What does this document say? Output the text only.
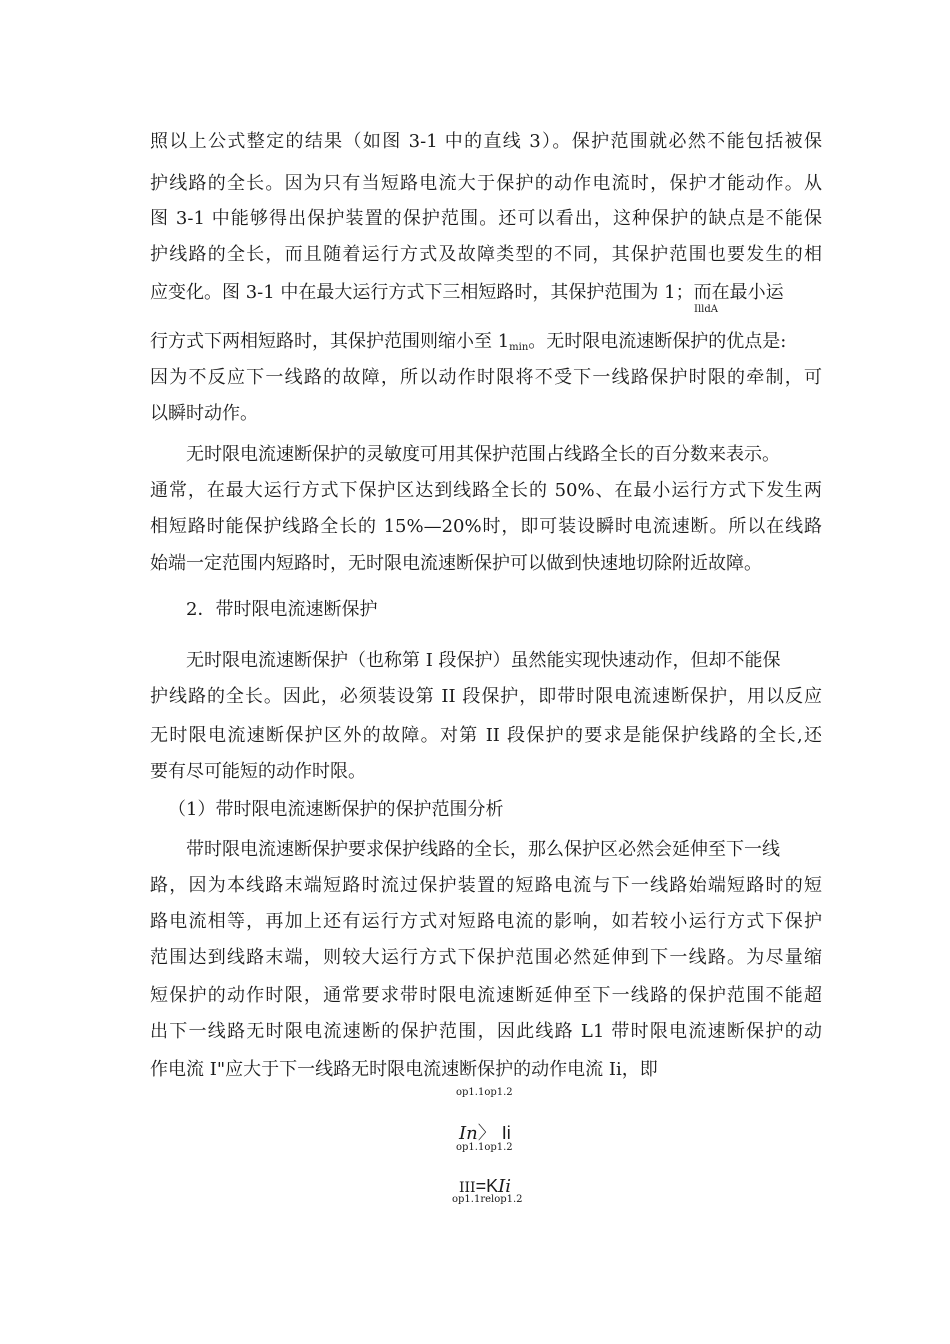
照以上公式整定的结果（如图 3-1 中的直线 3）。保护范围就必然不能包括被保
护线路的全长。因为只有当短路电流大于保护的动作电流时，保护才能动作。从
图 3-1 中能够得出保护装置的保护范围。还可以看出，这种保护的缺点是不能保
护线路的全长，而且随着运行方式及故障类型的不同，其保护范围也要发生的相
应变化。图 3-1 中在最大运行方式下三相短路时，其保护范围为 1；而在最小运
IlldA
行方式下两相短路时，其保护范围则缩小至 1min。无时限电流速断保护的优点是:
因为不反应下一线路的故障，所以动作时限将不受下一线路保护时限的牵制，可
以瞬时动作。
无时限电流速断保护的灵敏度可用其保护范围占线路全长的百分数来表示。
通常，在最大运行方式下保护区达到线路全长的 50%、在最小运行方式下发生两
相短路时能保护线路全长的 15%—20%时，即可装设瞬时电流速断。所以在线路
始端一定范围内短路时，无时限电流速断保护可以做到快速地切除附近故障。
2．带时限电流速断保护
无时限电流速断保护（也称第 I 段保护）虽然能实现快速动作，但却不能保
护线路的全长。因此，必须装设第 II 段保护，即带时限电流速断保护，用以反应
无时限电流速断保护区外的故障。对第 II 段保护的要求是能保护线路的全长,还
要有尽可能短的动作时限。
（1）带时限电流速断保护的保护范围分析
带时限电流速断保护要求保护线路的全长，那么保护区必然会延伸至下一线
路，因为本线路末端短路时流过保护装置的短路电流与下一线路始端短路时的短
路电流相等，再加上还有运行方式对短路电流的影响，如若较小运行方式下保护
范围达到线路末端，则较大运行方式下保护范围必然延伸到下一线路。为尽量缩
短保护的动作时限，通常要求带时限电流速断延伸至下一线路的保护范围不能超
出下一线路无时限电流速断的保护范围，因此线路 L1 带时限电流速断保护的动
作电流 I"应大于下一线路无时限电流速断保护的动作电流 Ii，即
op1.1op1.2
In〉 Ii
op1.1op1.2
III=KIi
op1.1relop1.2
